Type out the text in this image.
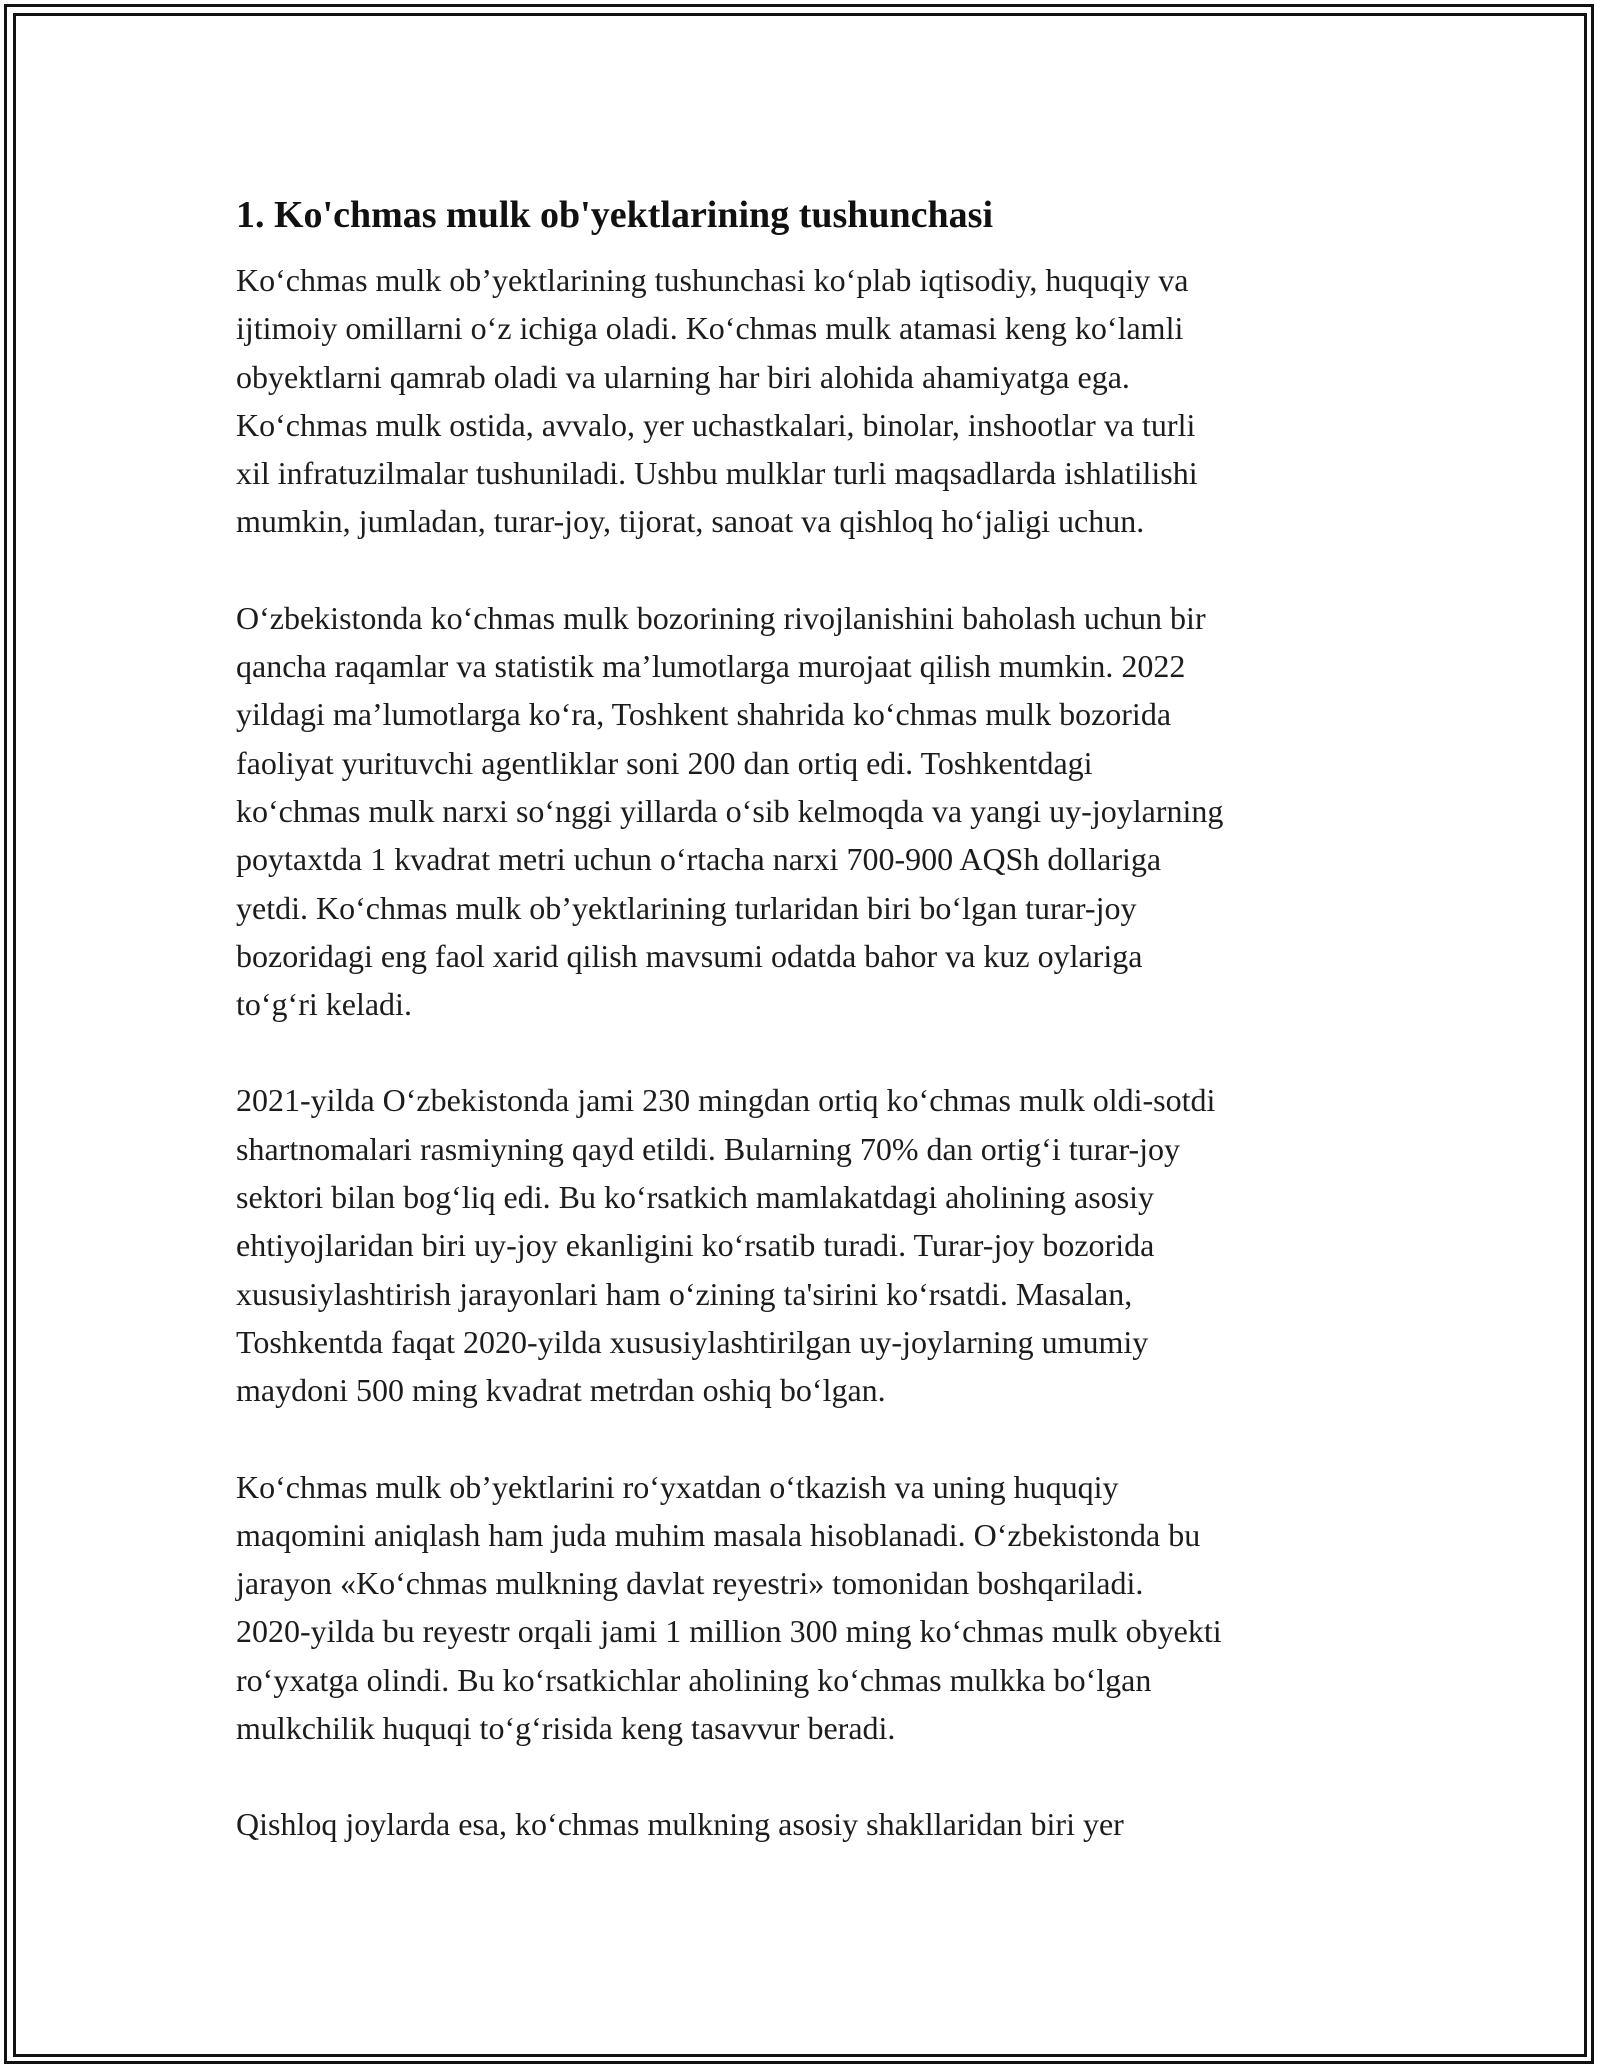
1. Ko'chmas mulk ob'yektlarining tushunchasi
Ko‘chmas mulk ob’yektlarining tushunchasi ko‘plab iqtisodiy, huquqiy va
ijtimoiy omillarni o‘z ichiga oladi. Ko‘chmas mulk atamasi keng ko‘lamli
obyektlarni qamrab oladi va ularning har biri alohida ahamiyatga ega.
Ko‘chmas mulk ostida, avvalo, yer uchastkalari, binolar, inshootlar va turli
xil infratuzilmalar tushuniladi. Ushbu mulklar turli maqsadlarda ishlatilishi
mumkin, jumladan, turar-joy, tijorat, sanoat va qishloq ho‘jaligi uchun.
O‘zbekistonda ko‘chmas mulk bozorining rivojlanishini baholash uchun bir
qancha raqamlar va statistik ma’lumotlarga murojaat qilish mumkin. 2022
yildagi ma’lumotlarga ko‘ra, Toshkent shahrida ko‘chmas mulk bozorida
faoliyat yurituvchi agentliklar soni 200 dan ortiq edi. Toshkentdagi
ko‘chmas mulk narxi so‘nggi yillarda o‘sib kelmoqda va yangi uy-joylarning
poytaxtda 1 kvadrat metri uchun o‘rtacha narxi 700-900 AQSh dollariga
yetdi. Ko‘chmas mulk ob’yektlarining turlaridan biri bo‘lgan turar-joy
bozoridagi eng faol xarid qilish mavsumi odatda bahor va kuz oylariga
to‘g‘ri keladi.
2021-yilda O‘zbekistonda jami 230 mingdan ortiq ko‘chmas mulk oldi-sotdi
shartnomalari rasmiyning qayd etildi. Bularning 70% dan ortig‘i turar-joy
sektori bilan bog‘liq edi. Bu ko‘rsatkich mamlakatdagi aholining asosiy
ehtiyojlaridan biri uy-joy ekanligini ko‘rsatib turadi. Turar-joy bozorida
xususiylashtirish jarayonlari ham o‘zining ta'sirini ko‘rsatdi. Masalan,
Toshkentda faqat 2020-yilda xususiylashtirilgan uy-joylarning umumiy
maydoni 500 ming kvadrat metrdan oshiq bo‘lgan.
Ko‘chmas mulk ob’yektlarini ro‘yxatdan o‘tkazish va uning huquqiy
maqomini aniqlash ham juda muhim masala hisoblanadi. O‘zbekistonda bu
jarayon «Ko‘chmas mulkning davlat reyestri» tomonidan boshqariladi.
2020-yilda bu reyestr orqali jami 1 million 300 ming ko‘chmas mulk obyekti
ro‘yxatga olindi. Bu ko‘rsatkichlar aholining ko‘chmas mulkka bo‘lgan
mulkchilik huquqi to‘g‘risida keng tasavvur beradi.
Qishloq joylarda esa, ko‘chmas mulkning asosiy shakllaridan biri yer
